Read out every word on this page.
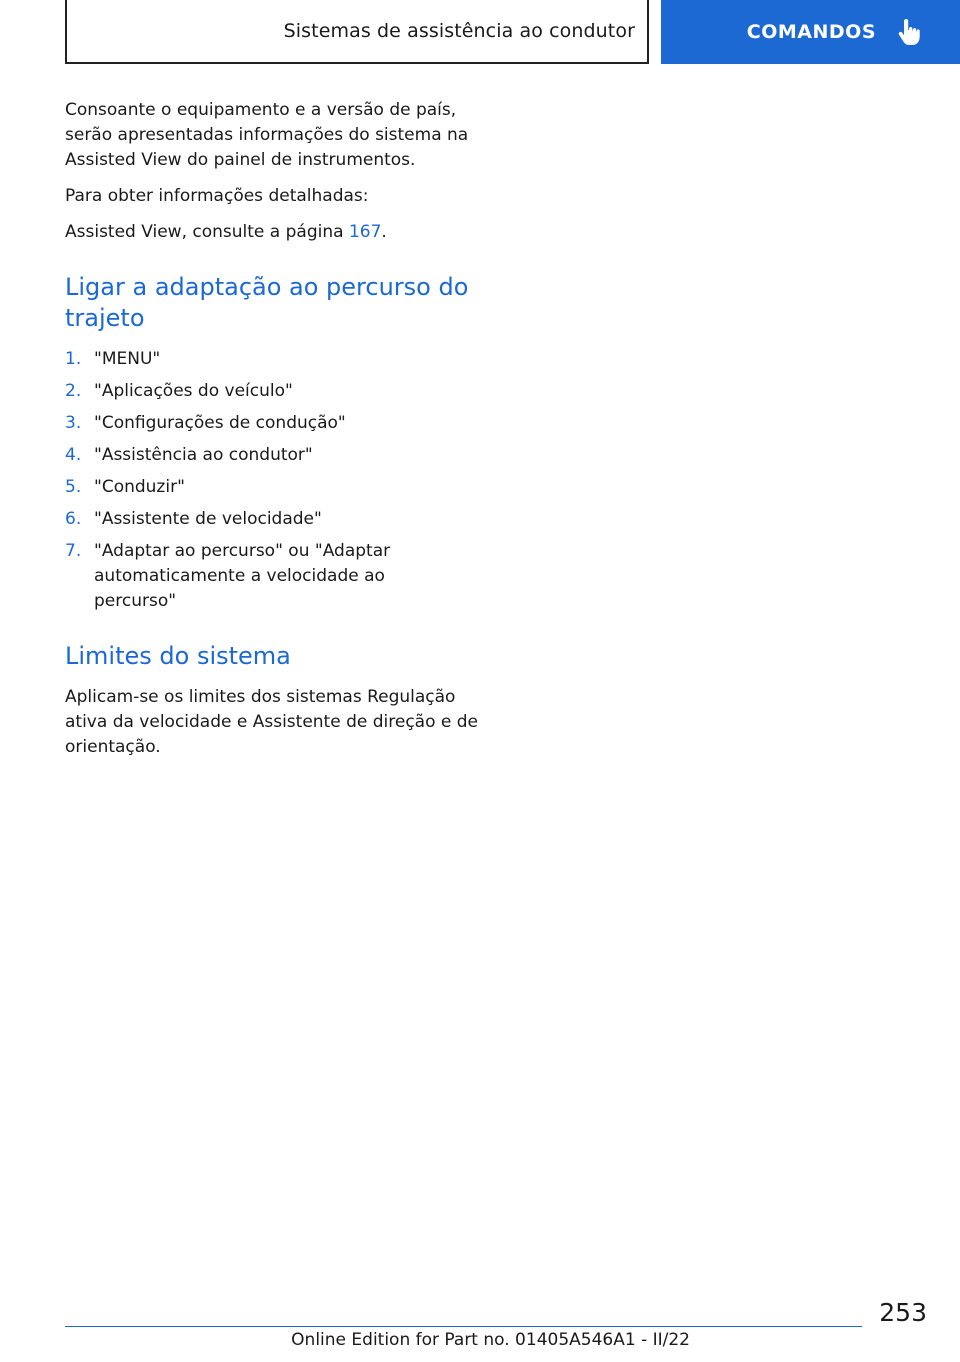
Sistemas de assistência ao condutor	COMANDOS

Consoante o equipamento e a versão de país, serão apresentadas informações do sistema na Assisted View do painel de instrumentos.

Para obter informações detalhadas:

Assisted View, consulte a página 167.

Ligar a adaptação ao percurso do trajeto
1. "MENU"
2. "Aplicações do veículo"
3. "Configurações de condução"
4. "Assistência ao condutor"
5. "Conduzir"
6. "Assistente de velocidade"
7. "Adaptar ao percurso" ou "Adaptar automaticamente a velocidade ao percurso"
Limites do sistema

Aplicam-se os limites dos sistemas Regulação ativa da velocidade e Assistente de direção e de orientação.

253
Online Edition for Part no. 01405A546A1 - II/22
